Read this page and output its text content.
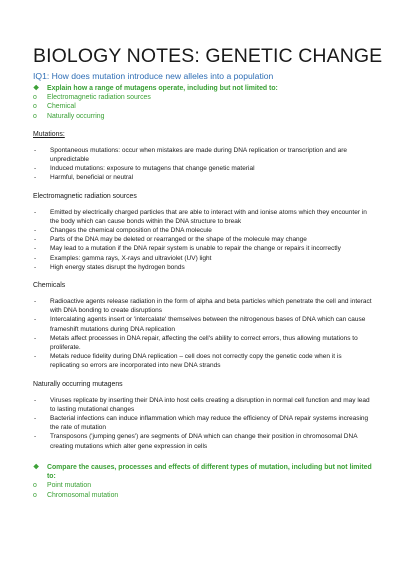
BIOLOGY NOTES: GENETIC CHANGE
IQ1: How does mutation introduce new alleles into a population
❖ Explain how a range of mutagens operate, including but not limited to:
o Electromagnetic radiation sources
o Chemical
o Naturally occurring
Mutations:
- Spontaneous mutations: occur when mistakes are made during DNA replication or transcription and are unpredictable
- Induced mutations: exposure to mutagens that change genetic material
- Harmful, beneficial or neutral
Electromagnetic radiation sources
- Emitted by electrically charged particles that are able to interact with and ionise atoms which they encounter in the body which can cause bonds within the DNA structure to break
- Changes the chemical composition of the DNA molecule
- Parts of the DNA may be deleted or rearranged or the shape of the molecule may change
- May lead to a mutation if the DNA repair system is unable to repair the change or repairs it incorrectly
- Examples: gamma rays, X-rays and ultraviolet (UV) light
- High energy states disrupt the hydrogen bonds
Chemicals
- Radioactive agents release radiation in the form of alpha and beta particles which penetrate the cell and interact with DNA bonding to create disruptions
- Intercalating agents insert or 'intercalate' themselves between the nitrogenous bases of DNA which can cause frameshift mutations during DNA replication
- Metals affect processes in DNA repair, affecting the cell's ability to correct errors, thus allowing mutations to proliferate.
- Metals reduce fidelity during DNA replication – cell does not correctly copy the genetic code when it is replicating so errors are incorporated into new DNA strands
Naturally occurring mutagens
- Viruses replicate by inserting their DNA into host cells creating a disruption in normal cell function and may lead to lasting mutational changes
- Bacterial infections can induce inflammation which may reduce the efficiency of DNA repair systems increasing the rate of mutation
- Transposons ('jumping genes') are segments of DNA which can change their position in chromosomal DNA creating mutations which alter gene expression in cells
❖ Compare the causes, processes and effects of different types of mutation, including but not limited to:
o Point mutation
o Chromosomal mutation
